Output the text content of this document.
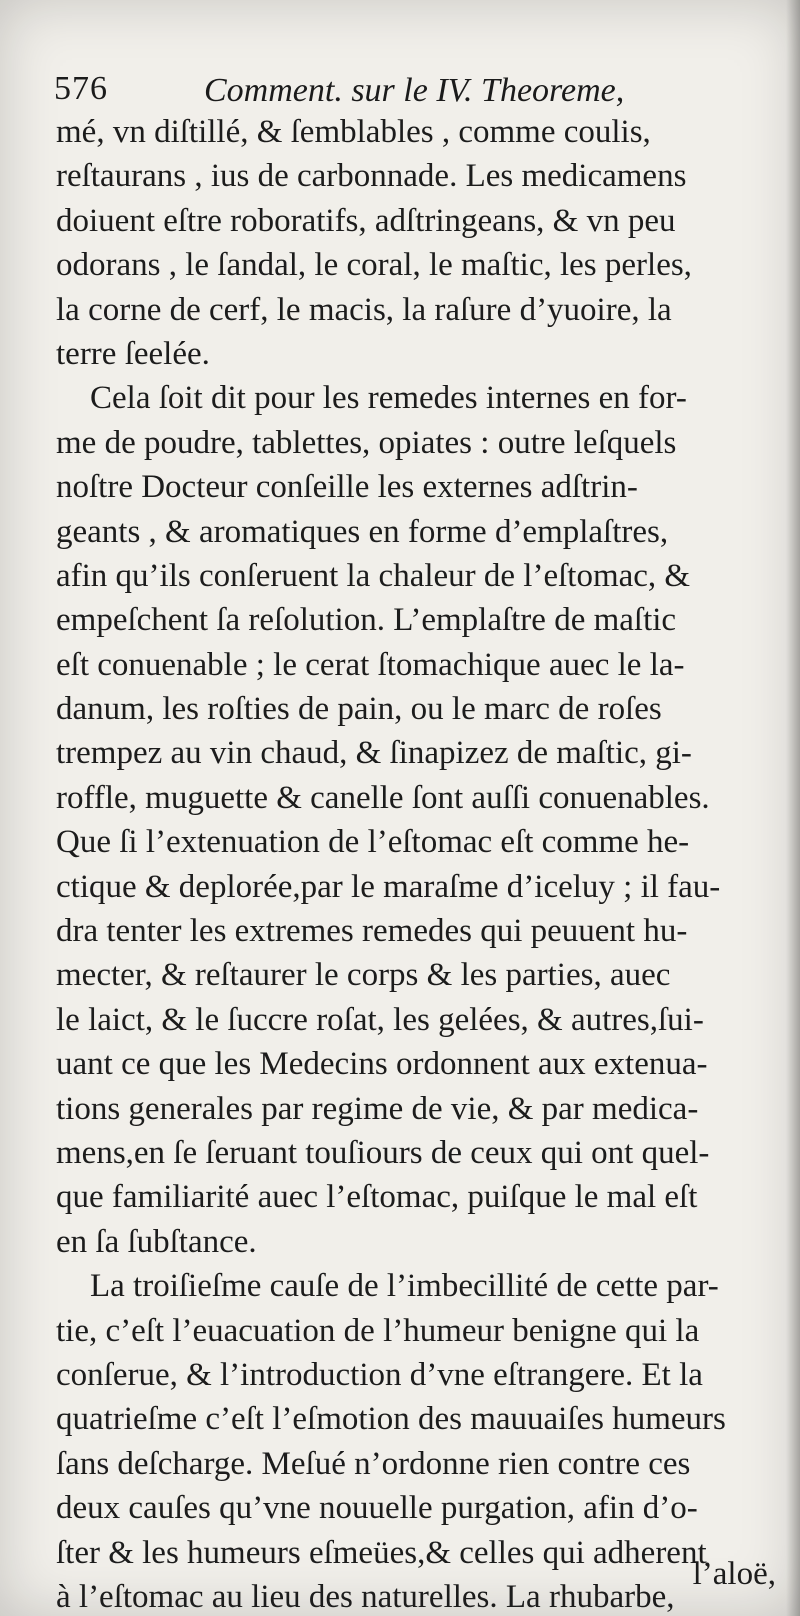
576	Comment. sur le IV. Theoreme,
mé, vn diſtillé, & ſemblables , comme coulis,
reſtaurans , ius de carbonnade. Les medicamens
doiuent eſtre roboratifs, adſtringeans, & vn peu
odorans , le ſandal, le coral, le maſtic, les perles,
la corne de cerf, le macis, la raſure d’yuoire, la
terre ſeelée.
Cela ſoit dit pour les remedes internes en for-
me de poudre, tablettes, opiates : outre leſquels
noſtre Docteur conſeille les externes adſtrin-
geants , & aromatiques en forme d’emplaſtres,
afin qu’ils conſeruent la chaleur de l’eſtomac, &
empeſchent ſa reſolution. L’emplaſtre de maſtic
eſt conuenable ; le cerat ſtomachique auec le la-
danum, les roſties de pain, ou le marc de roſes
trempez au vin chaud, & ſinapizez de maſtic, gi-
roffle, muguette & canelle ſont auſſi conuenables.
Que ſi l’extenuation de l’eſtomac eſt comme he-
ctique & deplorée,par le maraſme d’iceluy ; il fau-
dra tenter les extremes remedes qui peuuent hu-
mecter, & reſtaurer le corps & les parties, auec
le laict, & le ſuccre roſat, les gelées, & autres,ſui-
uant ce que les Medecins ordonnent aux extenua-
tions generales par regime de vie, & par medica-
mens,en ſe ſeruant touſiours de ceux qui ont quel-
que familiarité auec l’eſtomac, puiſque le mal eſt
en ſa ſubſtance.
La troiſieſme cauſe de l’imbecillité de cette par-
tie, c’eſt l’euacuation de l’humeur benigne qui la
conſerue, & l’introduction d’vne eſtrangere. Et la
quatrieſme c’eſt l’eſmotion des mauuaiſes humeurs
ſans deſcharge. Meſué n’ordonne rien contre ces
deux cauſes qu’vne nouuelle purgation, afin d’o-
ſter & les humeurs eſmeües,& celles qui adherent
à l’eſtomac au lieu des naturelles. La rhubarbe,
l’aloë,
